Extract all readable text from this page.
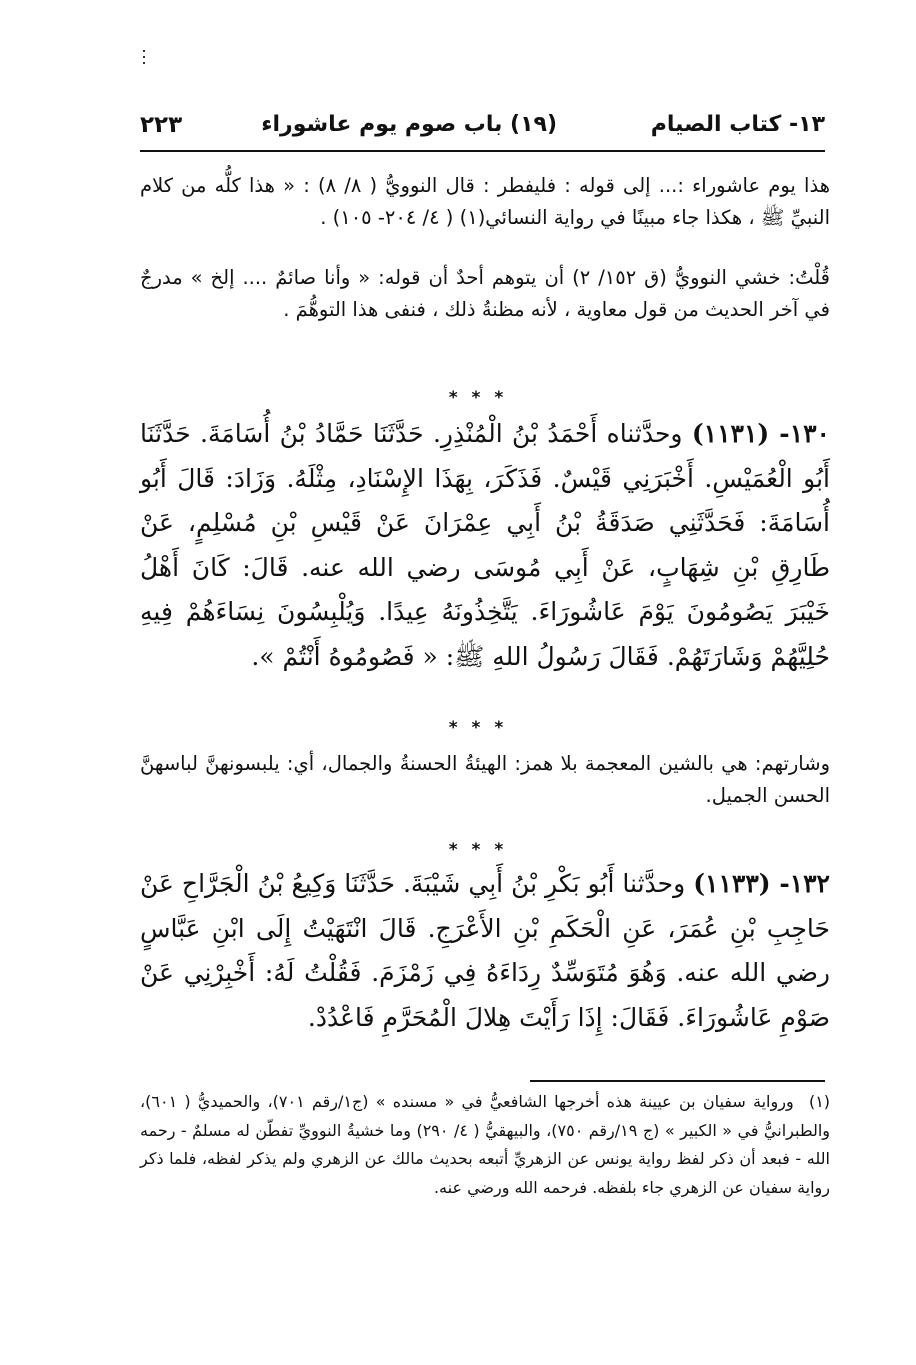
١٣- كتاب الصيام
(١٩) باب صوم يوم عاشوراء
٢٢٣

هذا يوم عاشوراء :... إلى قوله : فليفطر : قال النوويُّ ( ٨/ ٨) : « هذا كلُّه من كلام النبيِّ ﷺ ، هكذا جاء مبينًا في رواية النسائي(١) ( ٤/ ٢٠٤- ١٠٥) .

قُلْتُ: خشي النوويُّ (ق ١٥٢/ ٢) أن يتوهم أحدٌ أن قوله: « وأنا صائمٌ .... إلخ » مدرجٌ في آخر الحديث من قول معاوية ، لأنه مظنةُ ذلك ، فنفى هذا التوهُّمَ .

* * *

١٣٠- (١١٣١) وحدَّثناه أَحْمَدُ بْنُ الْمُنْذِرِ. حَدَّثَنَا حَمَّادُ بْنُ أُسَامَةَ. حَدَّثَنَا أَبُو الْعُمَيْسِ. أَخْبَرَنِي قَيْسٌ. فَذَكَرَ، بِهَذَا الإِسْنَادِ، مِثْلَهُ. وَزَادَ: قَالَ أَبُو أُسَامَةَ: فَحَدَّثَنِي صَدَقَةُ بْنُ أَبِي عِمْرَانَ عَنْ قَيْسِ بْنِ مُسْلِمٍ، عَنْ طَارِقِ بْنِ شِهَابٍ، عَنْ أَبِي مُوسَى رضي الله عنه. قَالَ: كَانَ أَهْلُ خَيْبَرَ يَصُومُونَ يَوْمَ عَاشُورَاءَ. يَتَّخِذُونَهُ عِيدًا. وَيُلْبِسُونَ نِسَاءَهُمْ فِيهِ حُلِيَّهُمْ وَشَارَتَهُمْ. فَقَالَ رَسُولُ اللهِ ﷺ: « فَصُومُوهُ أَنْتُمْ ».

* * *

وشارتهم: هي بالشين المعجمة بلا همز: الهيئةُ الحسنةُ والجمال، أي: يلبسونهنَّ لباسهنَّ الحسن الجميل.

* * *

١٣٢- (١١٣٣) وحدَّثنا أَبُو بَكْرِ بْنُ أَبِي شَيْبَةَ. حَدَّثَنَا وَكِيعُ بْنُ الْجَرَّاحِ عَنْ حَاجِبِ بْنِ عُمَرَ، عَنِ الْحَكَمِ بْنِ الأَعْرَجِ. قَالَ انْتَهَيْتُ إِلَى ابْنِ عَبَّاسٍ رضي الله عنه. وَهُوَ مُتَوَسِّدٌ رِدَاءَهُ فِي زَمْزَمَ. فَقُلْتُ لَهُ: أَخْبِرْنِي عَنْ صَوْمِ عَاشُورَاءَ. فَقَالَ: إِذَا رَأَيْتَ هِلالَ الْمُحَرَّمِ فَاعْدُدْ.

(١) ورواية سفيان بن عيينة هذه أخرجها الشافعيُّ في « مسنده » (ج١/رقم ٧٠١)، والحميديُّ ( ٦٠١)، والطبرانيُّ في « الكبير » (ج ١٩/رقم ٧٥٠)، والبيهقيُّ ( ٤/ ٢٩٠) وما خشيةُ النوويِّ تفطّن له مسلمٌ - رحمه الله - فبعد أن ذكر لفظ رواية يونس عن الزهريِّ أتبعه بحديث مالك عن الزهري ولم يذكر لفظه، فلما ذكر رواية سفيان عن الزهري جاء بلفظه. فرحمه الله ورضي عنه.
